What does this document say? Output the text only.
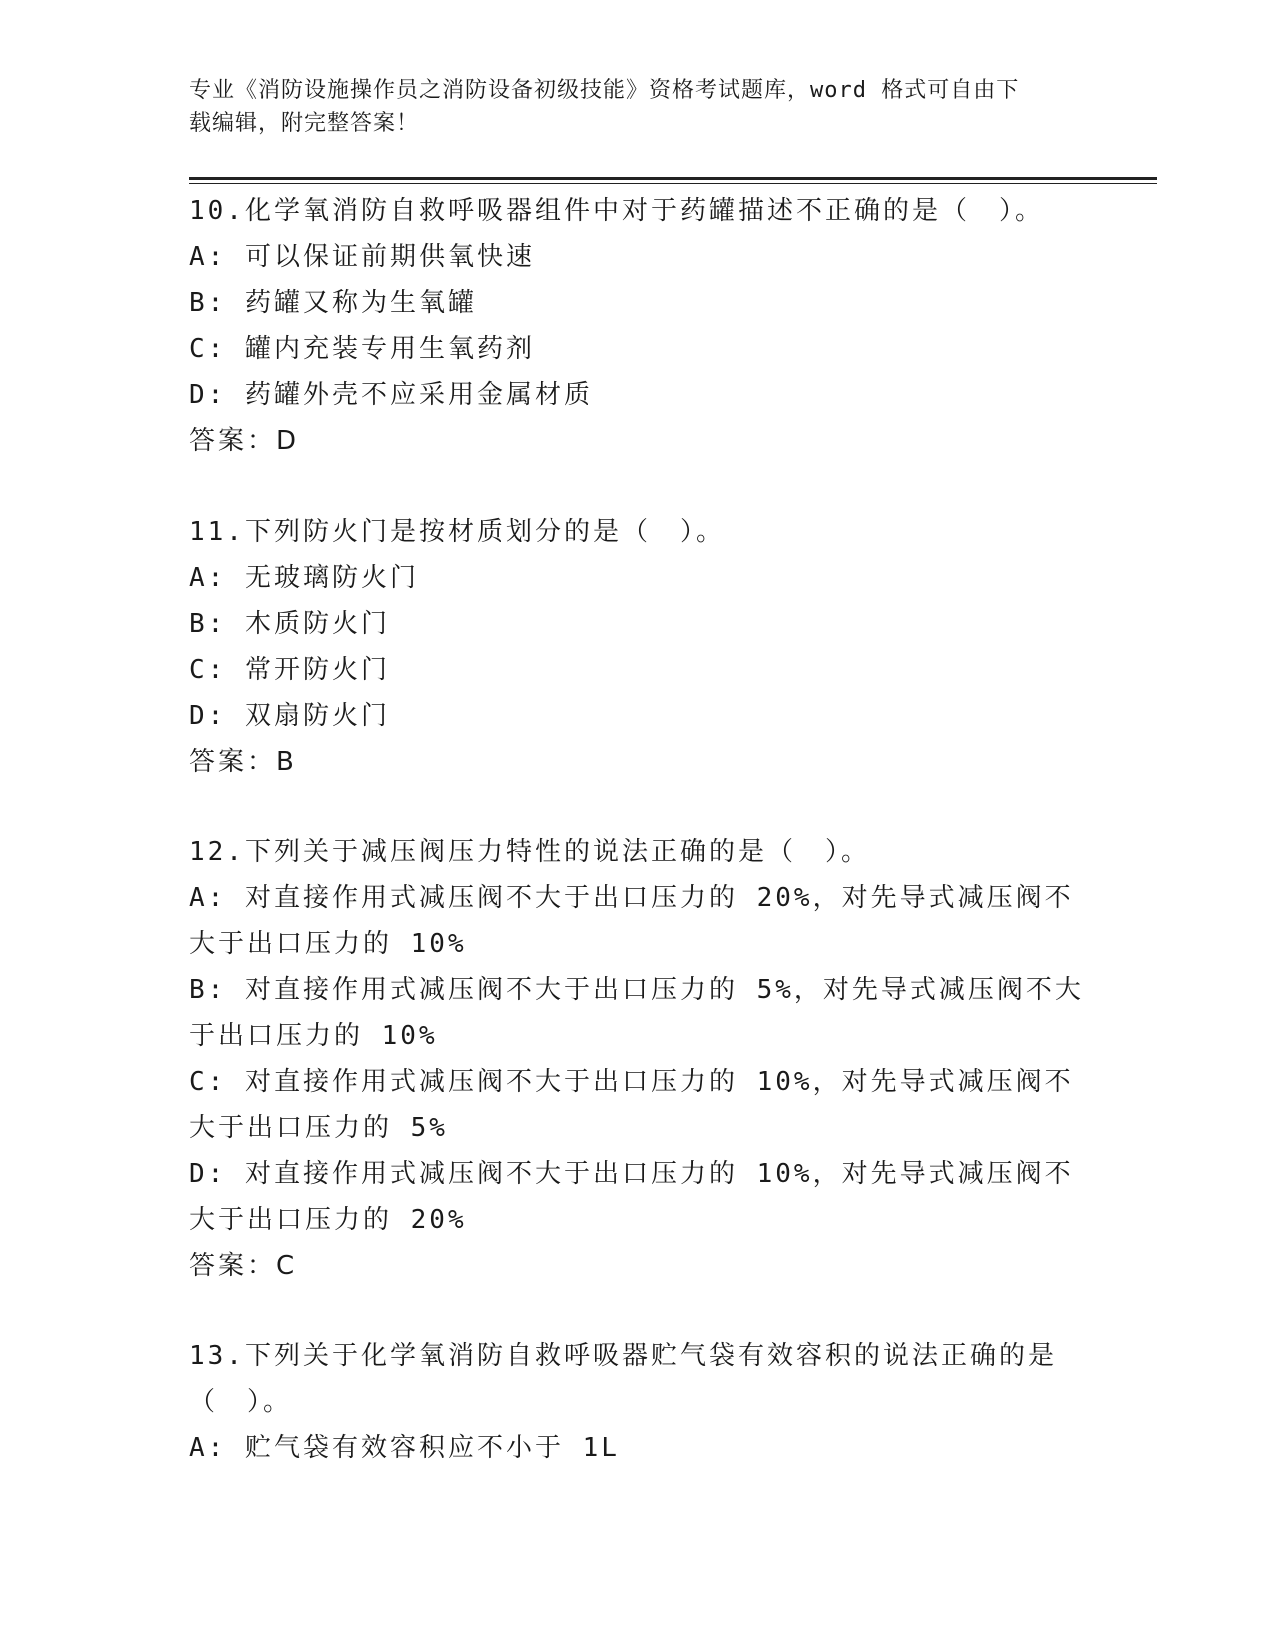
专业《消防设施操作员之消防设备初级技能》资格考试题库，word 格式可自由下
载编辑，附完整答案！

10.化学氧消防自救呼吸器组件中对于药罐描述不正确的是（　）。

A: 可以保证前期供氧快速

B: 药罐又称为生氧罐

C: 罐内充装专用生氧药剂

D: 药罐外壳不应采用金属材质

答案：D

11.下列防火门是按材质划分的是（　）。

A: 无玻璃防火门

B: 木质防火门

C: 常开防火门

D: 双扇防火门

答案：B

12.下列关于减压阀压力特性的说法正确的是（　）。

A: 对直接作用式减压阀不大于出口压力的 20%，对先导式减压阀不大于出口压力的 10%

B: 对直接作用式减压阀不大于出口压力的 5%，对先导式减压阀不大于出口压力的 10%

C: 对直接作用式减压阀不大于出口压力的 10%，对先导式减压阀不大于出口压力的 5%

D: 对直接作用式减压阀不大于出口压力的 10%，对先导式减压阀不大于出口压力的 20%

答案：C

13.下列关于化学氧消防自救呼吸器贮气袋有效容积的说法正确的是（　）。

A: 贮气袋有效容积应不小于 1L
